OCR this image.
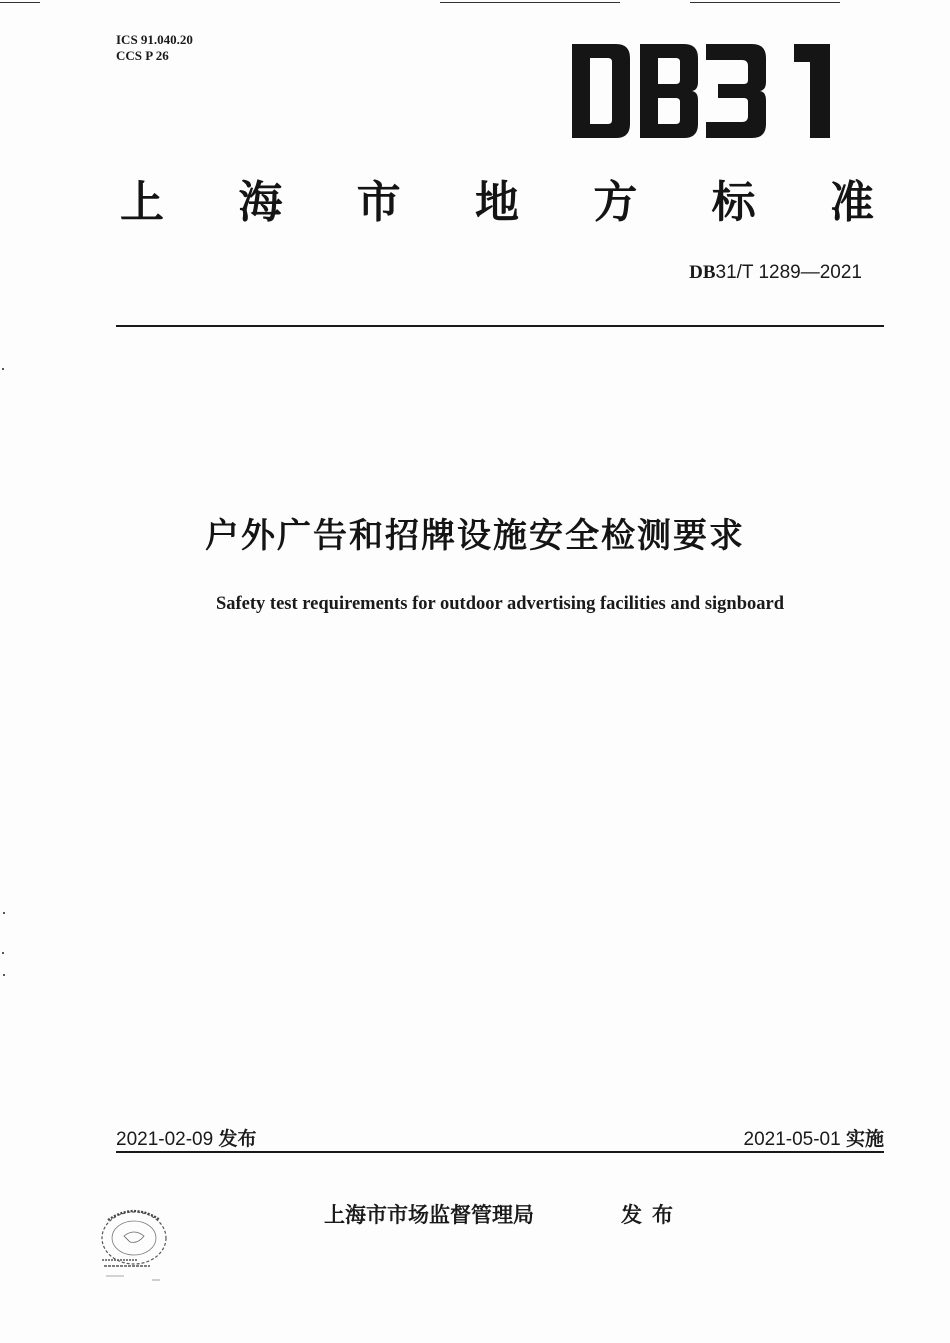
ICS 91.040.20
CCS P 26
上 海 市 地 方 标 准
DB31/T 1289—2021
户外广告和招牌设施安全检测要求
Safety test requirements for outdoor advertising facilities and signboard
2021-02-09 发布	2021-05-01 实施
上海市市场监督管理局	发布
